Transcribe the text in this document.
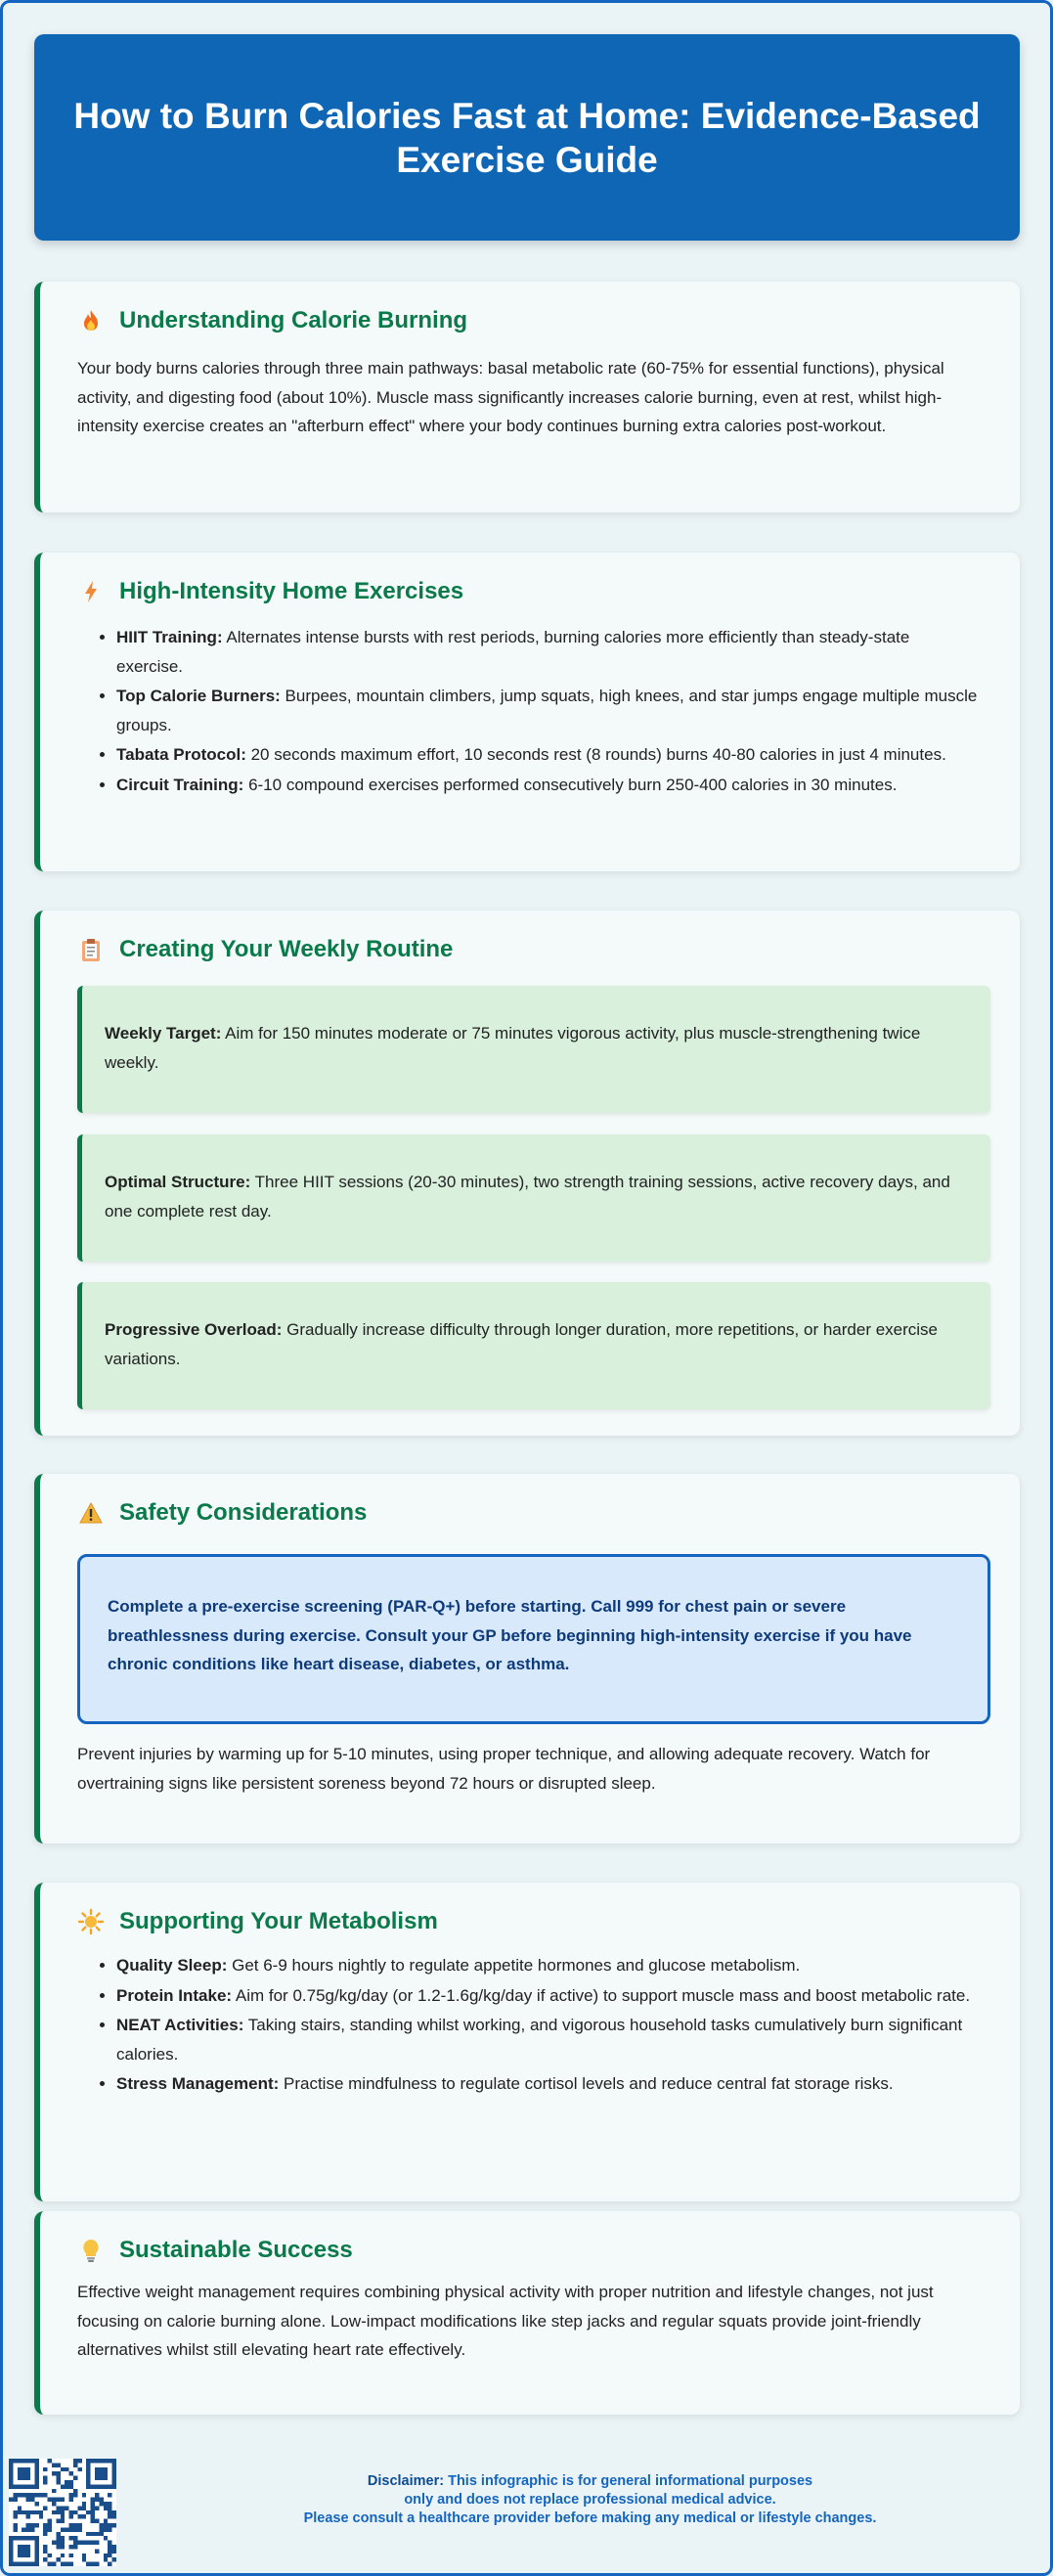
How to Burn Calories Fast at Home: Evidence-Based Exercise Guide
Understanding Calorie Burning

Your body burns calories through three main pathways: basal metabolic rate (60-75% for essential functions), physical activity, and digesting food (about 10%). Muscle mass significantly increases calorie burning, even at rest, whilst high-intensity exercise creates an "afterburn effect" where your body continues burning extra calories post-workout.

High-Intensity Home Exercises
• HIIT Training: Alternates intense bursts with rest periods, burning calories more efficiently than steady-state exercise.
• Top Calorie Burners: Burpees, mountain climbers, jump squats, high knees, and star jumps engage multiple muscle groups.
• Tabata Protocol: 20 seconds maximum effort, 10 seconds rest (8 rounds) burns 40-80 calories in just 4 minutes.
• Circuit Training: 6-10 compound exercises performed consecutively burn 250-400 calories in 30 minutes.
Creating Your Weekly Routine
Weekly Target: Aim for 150 minutes moderate or 75 minutes vigorous activity, plus muscle-strengthening twice weekly.
Optimal Structure: Three HIIT sessions (20-30 minutes), two strength training sessions, active recovery days, and one complete rest day.
Progressive Overload: Gradually increase difficulty through longer duration, more repetitions, or harder exercise variations.
Safety Considerations
Complete a pre-exercise screening (PAR-Q+) before starting. Call 999 for chest pain or severe breathlessness during exercise. Consult your GP before beginning high-intensity exercise if you have chronic conditions like heart disease, diabetes, or asthma.

Prevent injuries by warming up for 5-10 minutes, using proper technique, and allowing adequate recovery. Watch for overtraining signs like persistent soreness beyond 72 hours or disrupted sleep.

Supporting Your Metabolism
• Quality Sleep: Get 6-9 hours nightly to regulate appetite hormones and glucose metabolism.
• Protein Intake: Aim for 0.75g/kg/day (or 1.2-1.6g/kg/day if active) to support muscle mass and boost metabolic rate.
• NEAT Activities: Taking stairs, standing whilst working, and vigorous household tasks cumulatively burn significant calories.
• Stress Management: Practise mindfulness to regulate cortisol levels and reduce central fat storage risks.
Sustainable Success

Effective weight management requires combining physical activity with proper nutrition and lifestyle changes, not just focusing on calorie burning alone. Low-impact modifications like step jacks and regular squats provide joint-friendly alternatives whilst still elevating heart rate effectively.

Disclaimer: This infographic is for general informational purposes
only and does not replace professional medical advice.
Please consult a healthcare provider before making any medical or lifestyle changes.
